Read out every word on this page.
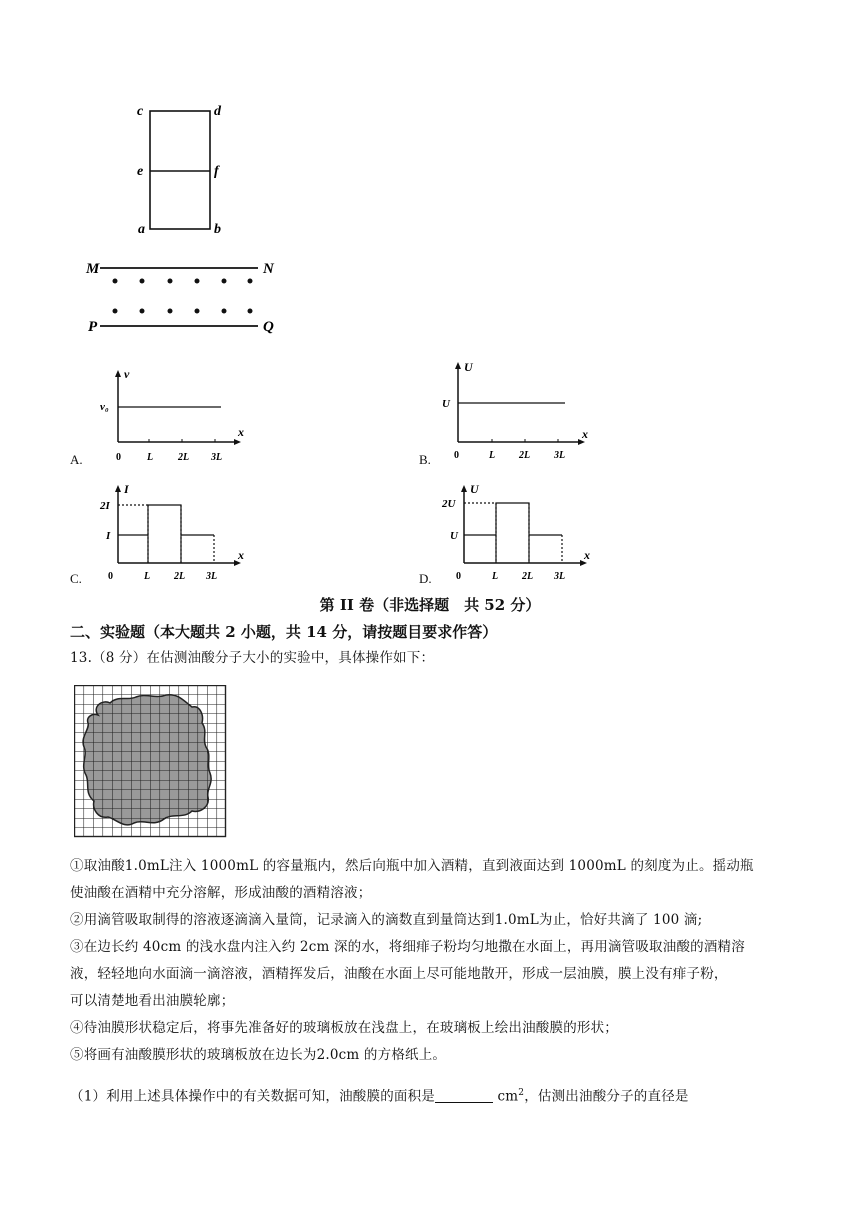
c	d
e	f
a	b
M	N
P	Q
A.
v
v₀
x
0	L 2L 3L	B.
U
U
x
0	L 2L 3L
C.
I
2I
I
x
0	L 2L 3L	D.
U
2U
U
x
0	L 2L 3L
第 II 卷（非选择题　共 52 分）
二、实验题（本大题共 2 小题，共 14 分，请按题目要求作答）
13.（8 分）在估测油酸分子大小的实验中，具体操作如下：
①取油酸1.0mL注入 1000mL 的容量瓶内，然后向瓶中加入酒精，直到液面达到 1000mL 的刻度为止。摇动瓶
使油酸在酒精中充分溶解，形成油酸的酒精溶液；
②用滴管吸取制得的溶液逐滴滴入量筒，记录滴入的滴数直到量筒达到1.0mL为止，恰好共滴了 100 滴;
③在边长约 40cm 的浅水盘内注入约 2cm 深的水，将细痱子粉均匀地撒在水面上，再用滴管吸取油酸的酒精溶
液，轻轻地向水面滴一滴溶液，酒精挥发后，油酸在水面上尽可能地散开，形成一层油膜，膜上没有痱子粉，
可以清楚地看出油膜轮廓；
④待油膜形状稳定后，将事先准备好的玻璃板放在浅盘上，在玻璃板上绘出油酸膜的形状；
⑤将画有油酸膜形状的玻璃板放在边长为2.0cm 的方格纸上。
（1）利用上述具体操作中的有关数据可知，油酸膜的面积是	$cm^2$，估测出油酸分子的直径是
